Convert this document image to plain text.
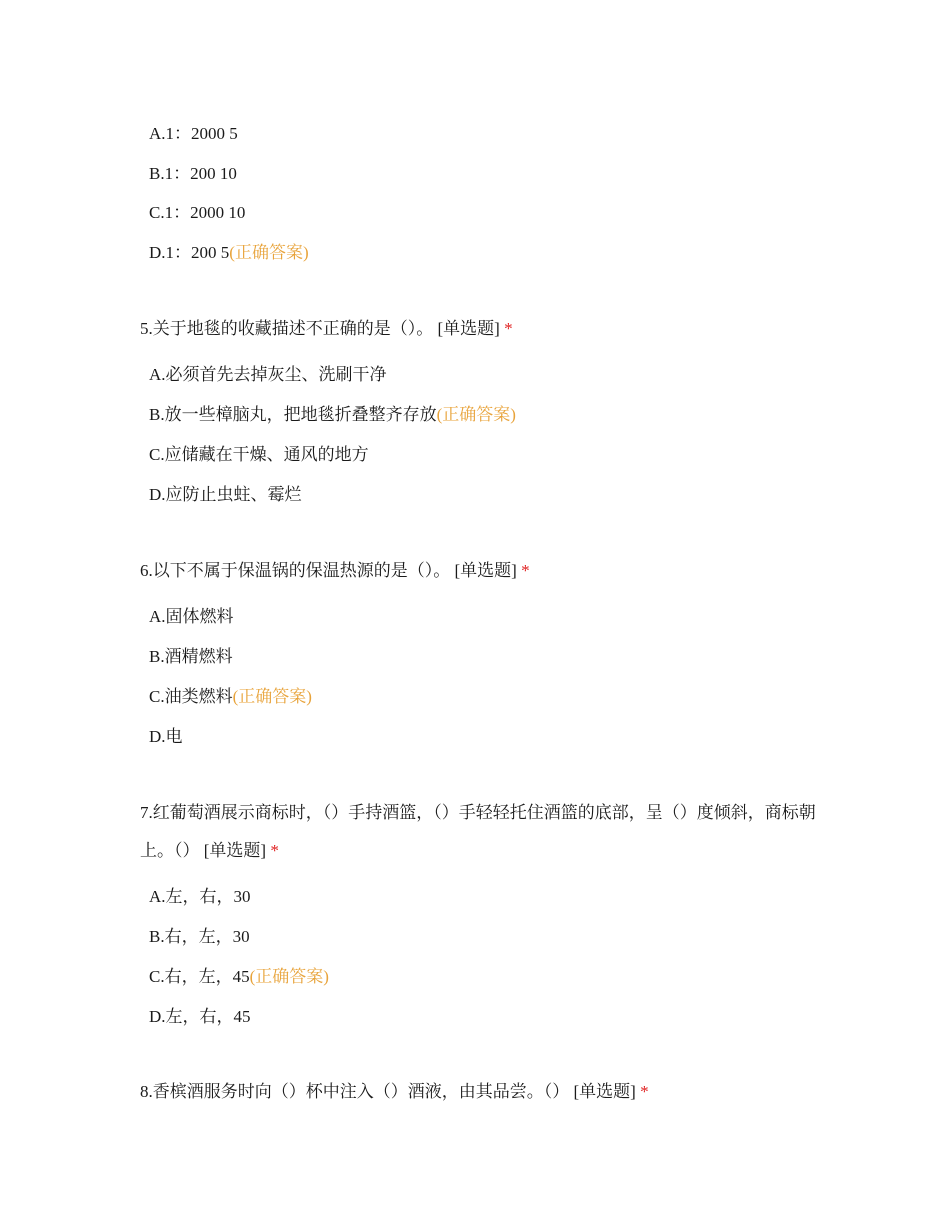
A.1：2000 5
B.1：200 10
C.1：2000 10
D.1：200 5(正确答案)
5.关于地毯的收藏描述不正确的是（）。 [单选题] *
A.必须首先去掉灰尘、洗刷干净
B.放一些樟脑丸，把地毯折叠整齐存放(正确答案)
C.应储藏在干燥、通风的地方
D.应防止虫蛀、霉烂
6.以下不属于保温锅的保温热源的是（）。 [单选题] *
A.固体燃料
B.酒精燃料
C.油类燃料(正确答案)
D.电
7.红葡萄酒展示商标时，（）手持酒篮，（）手轻轻托住酒篮的底部，呈（）度倾斜，商标朝上。（） [单选题] *
A.左，右，30
B.右，左，30
C.右，左，45(正确答案)
D.左，右，45
8.香槟酒服务时向（）杯中注入（）酒液，由其品尝。（） [单选题] *
